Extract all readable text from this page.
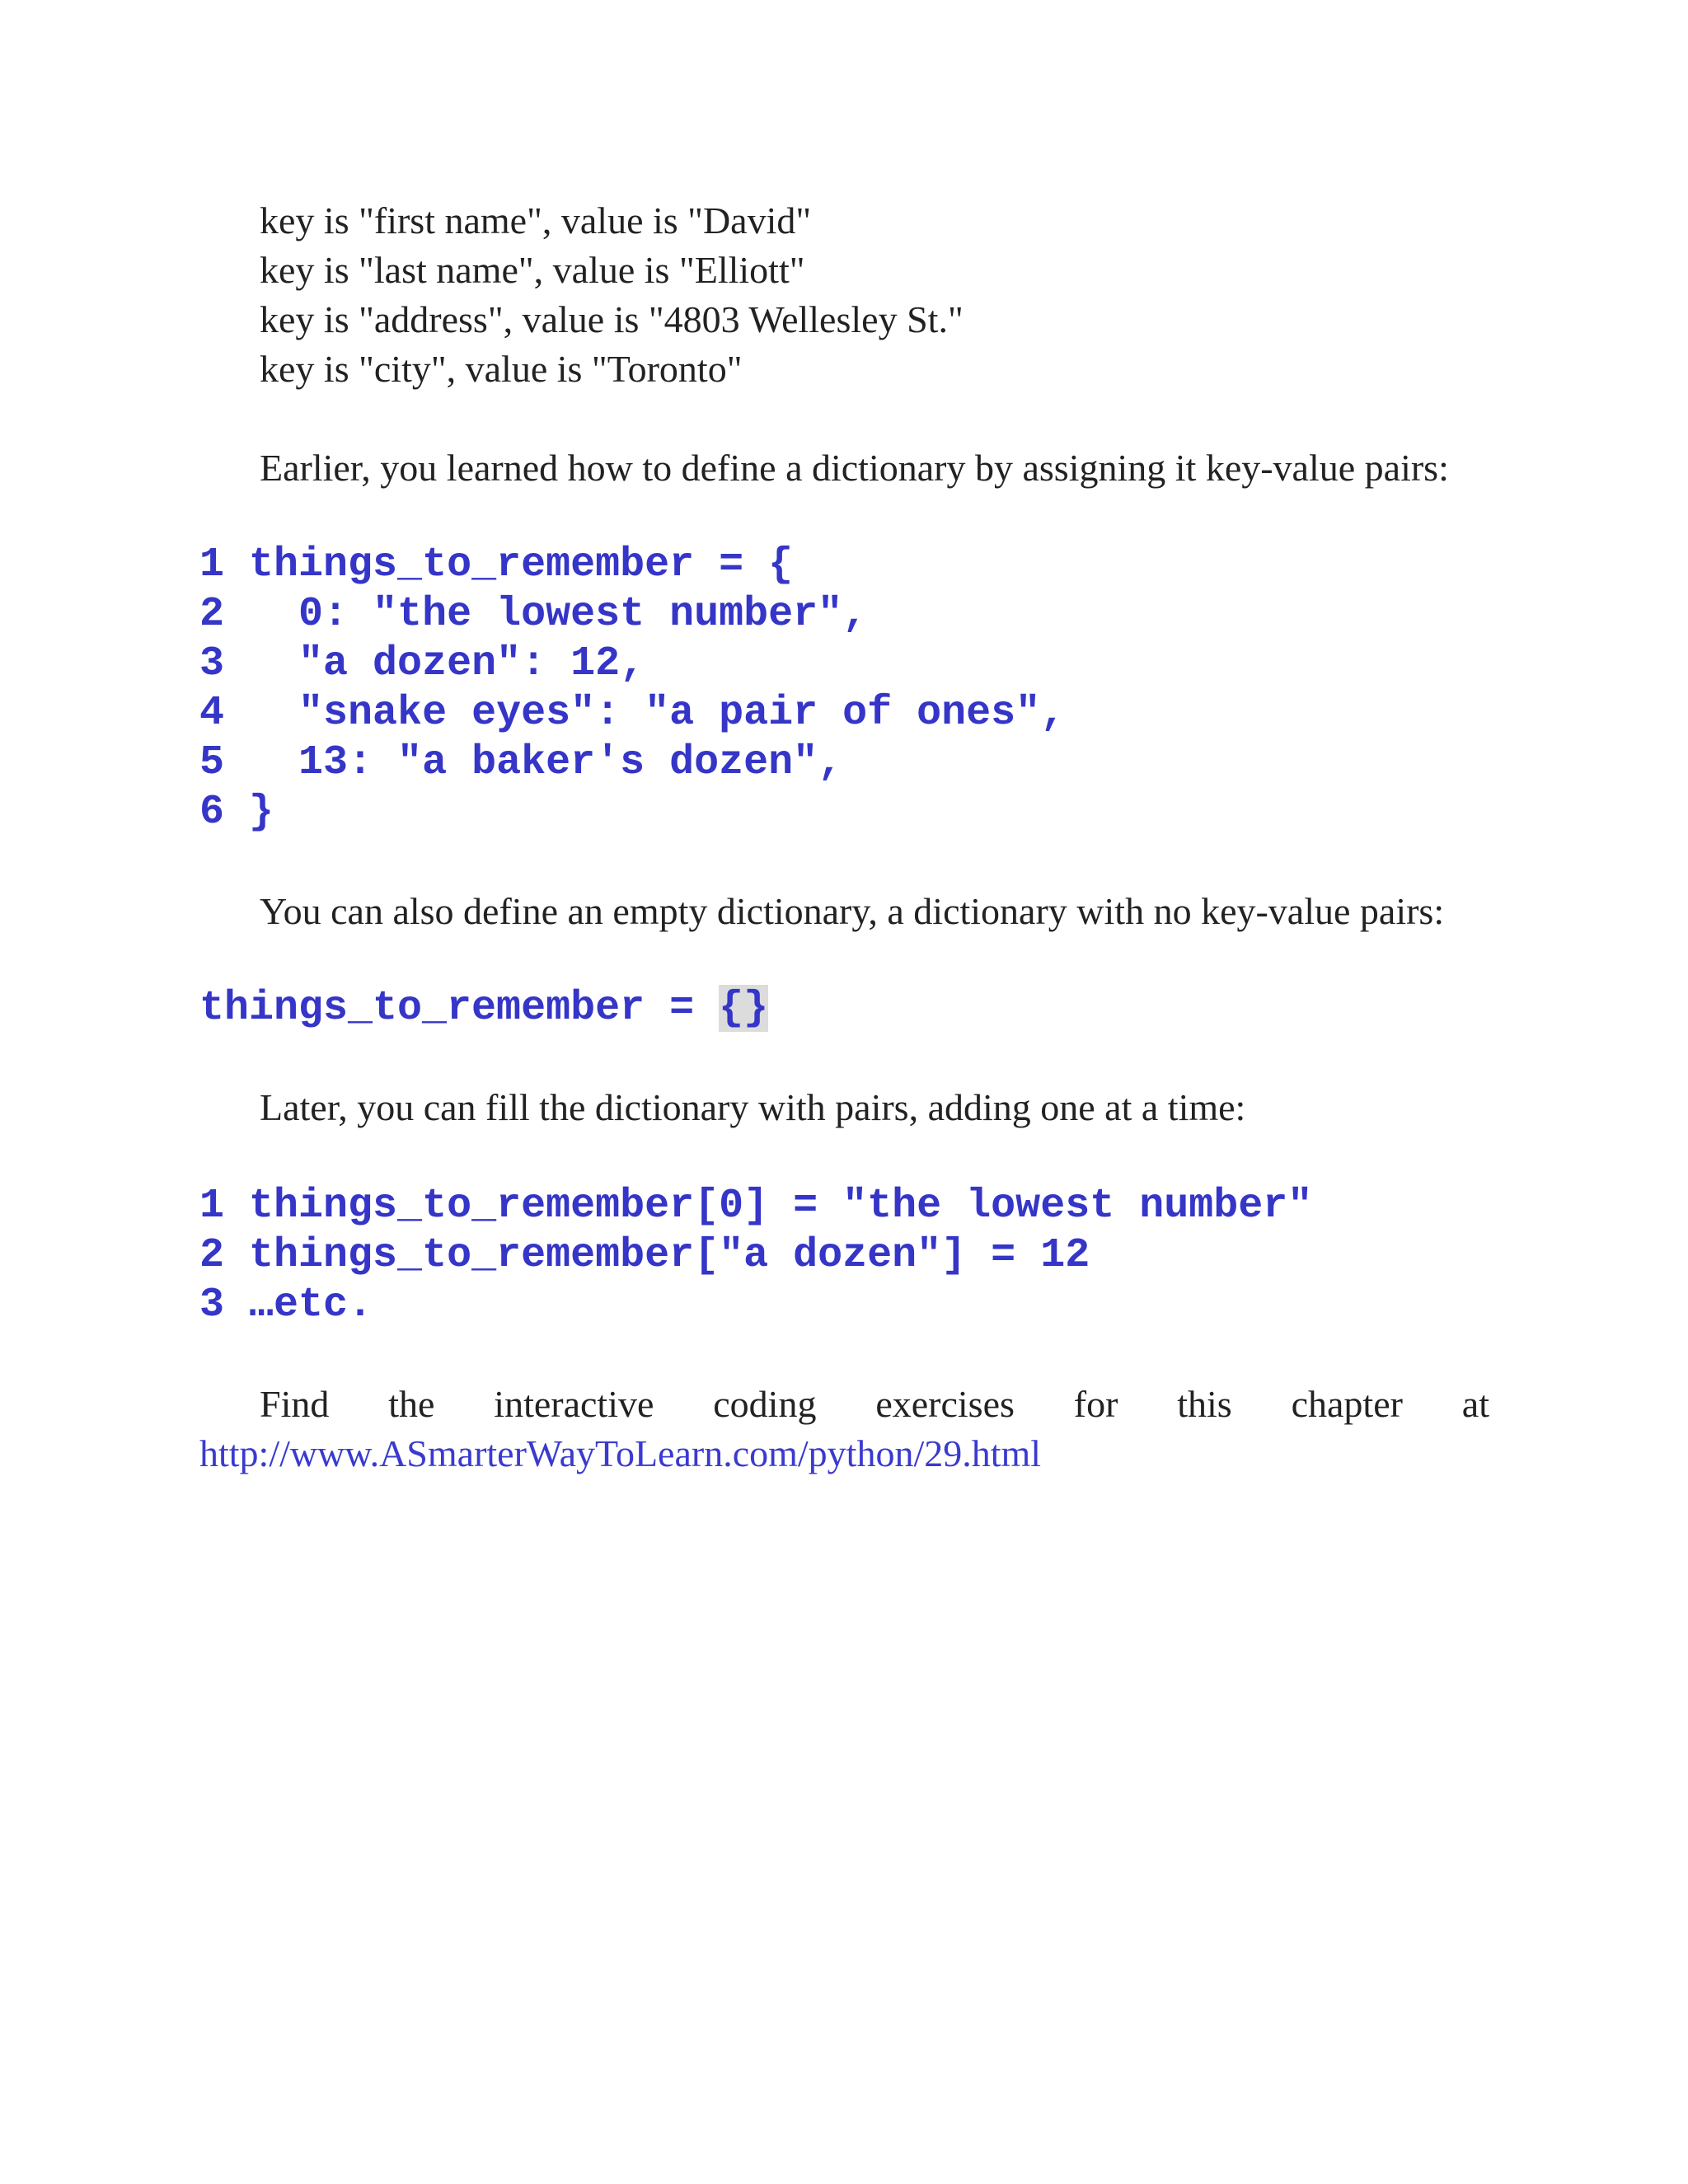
key is "first name", value is "David"
key is "last name", value is "Elliott"
key is "address", value is "4803 Wellesley St."
key is "city", value is "Toronto"

Earlier, you learned how to define a dictionary by assigning it key-value pairs:

1 things_to_remember = {
2   0: "the lowest number",
3   "a dozen": 12,
4   "snake eyes": "a pair of ones",
5   13: "a baker's dozen",
6 }

You can also define an empty dictionary, a dictionary with no key-value pairs:

things_to_remember = {}

Later, you can fill the dictionary with pairs, adding one at a time:

1 things_to_remember[0] = "the lowest number"
2 things_to_remember["a dozen"] = 12
3 …etc.
Find the interactive coding exercises for this chapter at
http://www.ASmarterWayToLearn.com/python/29.html
